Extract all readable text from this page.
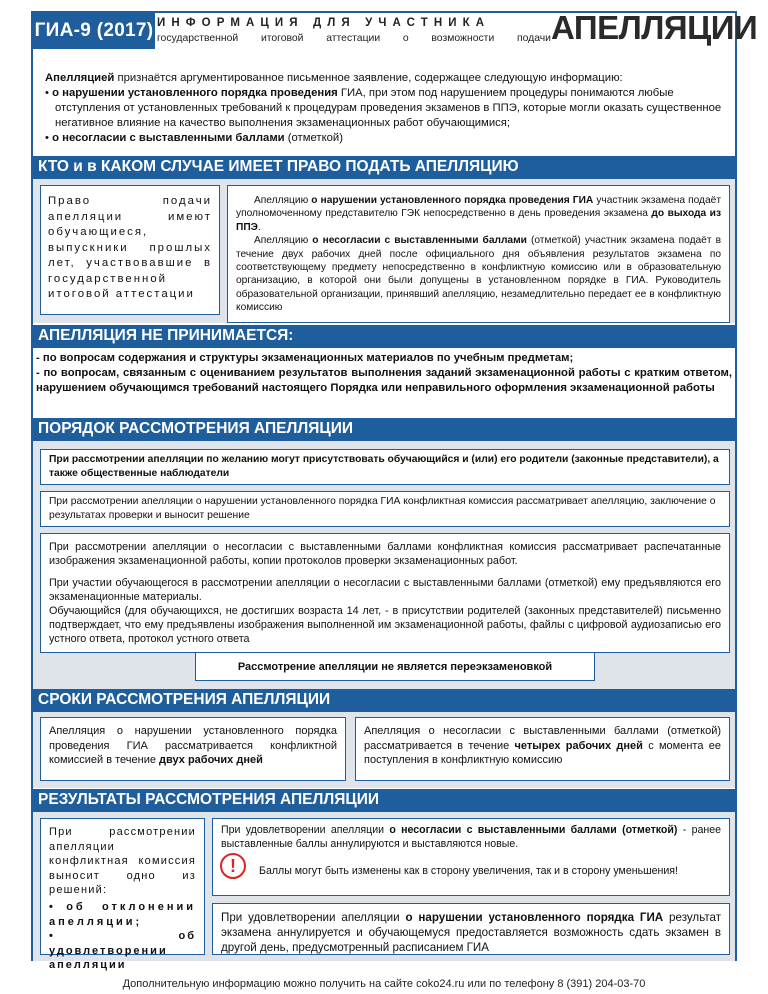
ГИА-9 (2017) ИНФОРМАЦИЯ ДЛЯ УЧАСТНИКА
государственной итоговой аттестации о возможности подачи АПЕЛЛЯЦИИ

Апелляцией признаётся аргументированное письменное заявление, содержащее следующую информацию:

• о нарушении установленного порядка проведения ГИА, при этом под нарушением процедуры понимаются любые отступления от установленных требований к процедурам проведения экзаменов в ППЭ, которые могли оказать существенное негативное влияние на качество выполнения экзаменационных работ обучающимися;

• о несогласии с выставленными баллами (отметкой)

КТО и в КАКОМ СЛУЧАЕ ИМЕЕТ ПРАВО ПОДАТЬ АПЕЛЛЯЦИЮ
Право подачи апелляции имеют обучающиеся, выпускники прошлых лет, участвовавшие в государственной итоговой аттестации

Апелляцию о нарушении установленного порядка проведения ГИА участник экзамена подаёт уполномоченному представителю ГЭК непосредственно в день проведения экзамена до выхода из ППЭ.

Апелляцию о несогласии с выставленными баллами (отметкой) участник экзамена подаёт в течение двух рабочих дней после официального дня объявления результатов экзамена по соответствующему предмету непосредственно в конфликтную комиссию или в образовательную организацию, в которой они были допущены в установленном порядке в ГИА. Руководитель образовательной организации, принявший апелляцию, незамедлительно передает ее в конфликтную комиссию

АПЕЛЛЯЦИЯ НЕ ПРИНИМАЕТСЯ:

- по вопросам содержания и структуры экзаменационных материалов по учебным предметам;

- по вопросам, связанным с оцениванием результатов выполнения заданий экзаменационной работы с кратким ответом, нарушением обучающимся требований настоящего Порядка или неправильного оформления экзаменационной работы

ПОРЯДОК РАССМОТРЕНИЯ АПЕЛЛЯЦИИ
При рассмотрении апелляции по желанию могут присутствовать обучающийся и (или) его родители (законные представители), а также общественные наблюдатели
При рассмотрении апелляции о нарушении установленного порядка ГИА конфликтная комиссия рассматривает апелляцию, заключение о результатах проверки и выносит решение

При рассмотрении апелляции о несогласии с выставленными баллами конфликтная комиссия рассматривает распечатанные изображения экзаменационной работы, копии протоколов проверки экзаменационных работ.

При участии обучающегося в рассмотрении апелляции о несогласии с выставленными баллами (отметкой) ему предъявляются его экзаменационные материалы.

Обучающийся (для обучающихся, не достигших возраста 14 лет, - в присутствии родителей (законных представителей) письменно подтверждает, что ему предъявлены изображения выполненной им экзаменационной работы, файлы с цифровой аудиозаписью его устного ответа, протокол устного ответа

Рассмотрение апелляции не является переэкзаменовкой
СРОКИ РАССМОТРЕНИЯ АПЕЛЛЯЦИИ
Апелляция о нарушении установленного порядка проведения ГИА рассматривается конфликтной комиссией в течение двух рабочих дней
Апелляция о несогласии с выставленными баллами (отметкой) рассматривается в течение четырех рабочих дней с момента ее поступления в конфликтную комиссию
РЕЗУЛЬТАТЫ РАССМОТРЕНИЯ АПЕЛЛЯЦИИ

При рассмотрении апелляции конфликтная комиссия выносит одно из решений:

• об отклонении апелляции;

• об удовлетворении апелляции

При удовлетворении апелляции о несогласии с выставленными баллами (отметкой) - ранее выставленные баллы аннулируются и выставляются новые.

!	Баллы могут быть изменены как в сторону увеличения, так и в сторону уменьшения!
При удовлетворении апелляции о нарушении установленного порядка ГИА результат экзамена аннулируется и обучающемуся предоставляется возможность сдать экзамен в другой день, предусмотренный расписанием ГИА
Дополнительную информацию можно получить на сайте coko24.ru или по телефону 8 (391) 204-03-70
